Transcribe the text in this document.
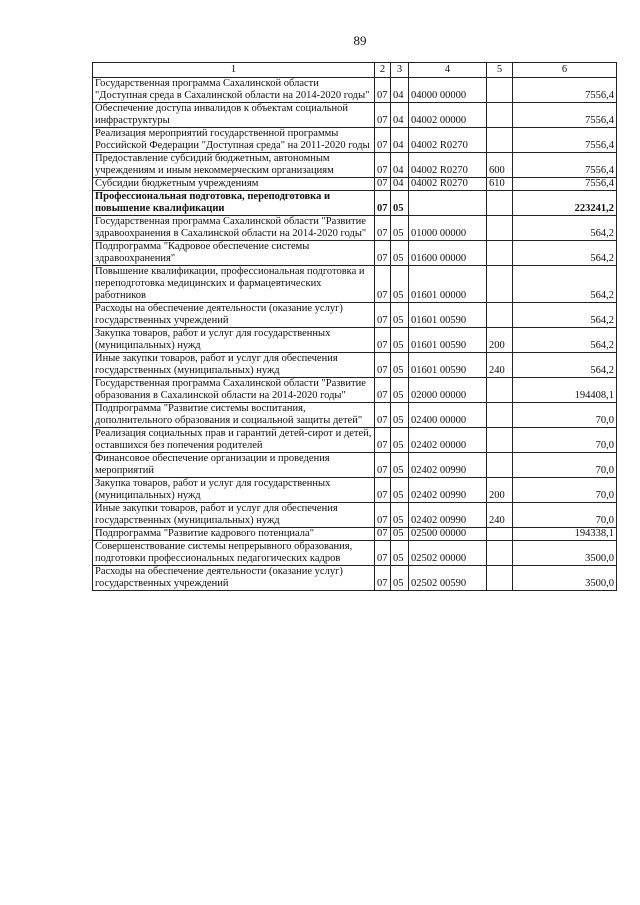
89
1	2	3	4	5	6
Государственная программа Сахалинской области "Доступная среда в Сахалинской области на 2014-2020 годы"	07	04	04000 00000		7556,4
Обеспечение доступа инвалидов к объектам социальной инфраструктуры	07	04	04002 00000		7556,4
Реализация мероприятий государственной программы Российской Федерации "Доступная среда" на 2011-2020 годы	07	04	04002 R0270		7556,4
Предоставление субсидий бюджетным, автономным учреждениям и иным некоммерческим организациям	07	04	04002 R0270	600	7556,4
Субсидии бюджетным учреждениям	07	04	04002 R0270	610	7556,4
Профессиональная подготовка, переподготовка и повышение квалификации	07	05			223241,2
Государственная программа Сахалинской области "Развитие здравоохранения в Сахалинской области на 2014-2020 годы"	07	05	01000 00000		564,2
Подпрограмма "Кадровое обеспечение системы здравоохранения"	07	05	01600 00000		564,2
Повышение квалификации, профессиональная подготовка и переподготовка медицинских и фармацевтических работников	07	05	01601 00000		564,2
Расходы на обеспечение деятельности (оказание услуг) государственных учреждений	07	05	01601 00590		564,2
Закупка товаров, работ и услуг для государственных (муниципальных) нужд	07	05	01601 00590	200	564,2
Иные закупки товаров, работ и услуг для обеспечения государственных (муниципальных) нужд	07	05	01601 00590	240	564,2
Государственная программа Сахалинской области "Развитие образования в Сахалинской области на 2014-2020 годы"	07	05	02000 00000		194408,1
Подпрограмма "Развитие системы воспитания, дополнительного образования и социальной защиты детей"	07	05	02400 00000		70,0
Реализация социальных прав и гарантий детей-сирот и детей, оставшихся без попечения родителей	07	05	02402 00000		70,0
Финансовое обеспечение организации и проведения мероприятий	07	05	02402 00990		70,0
Закупка товаров, работ и услуг для государственных (муниципальных) нужд	07	05	02402 00990	200	70,0
Иные закупки товаров, работ и услуг для обеспечения государственных (муниципальных) нужд	07	05	02402 00990	240	70,0
Подпрограмма "Развитие кадрового потенциала"	07	05	02500 00000		194338,1
Совершенствование системы непрерывного образования, подготовки профессиональных педагогических кадров	07	05	02502 00000		3500,0
Расходы на обеспечение деятельности (оказание услуг) государственных учреждений	07	05	02502 00590		3500,0
